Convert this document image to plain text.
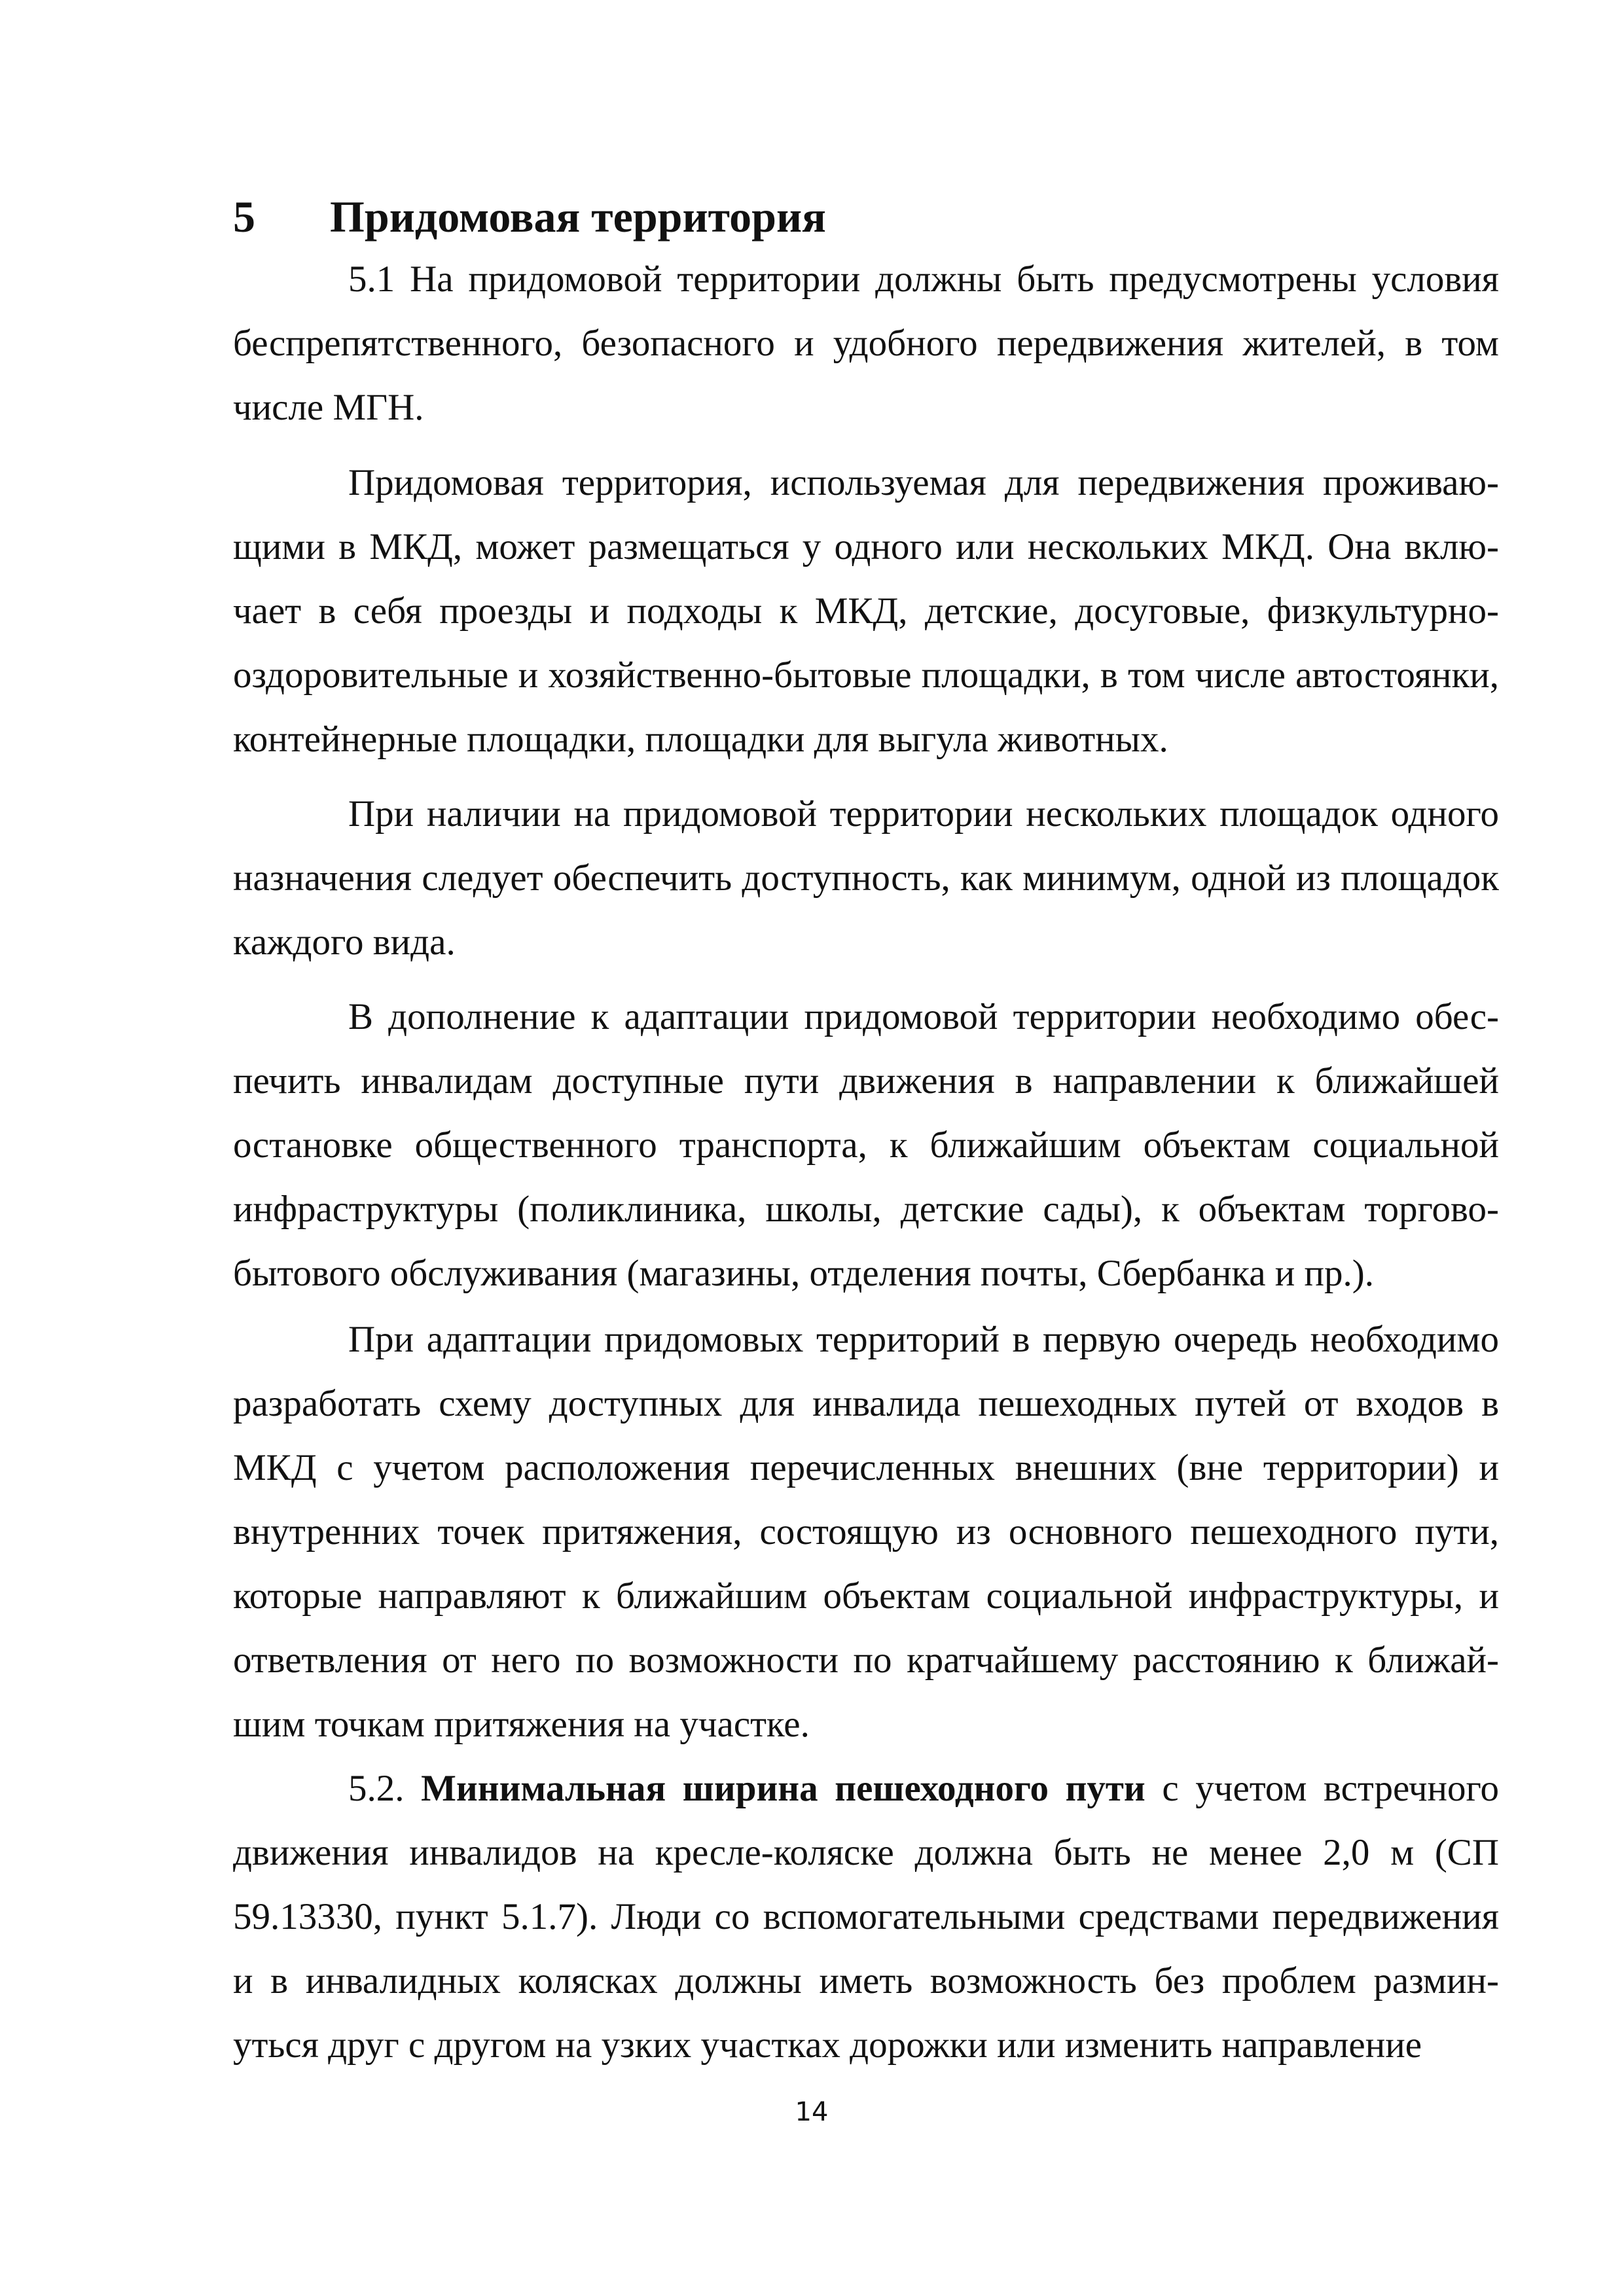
5 Придомовая территория

5.1 На придомовой территории должны быть предусмотрены условия беспрепятственного, безопасного и удобного передвижения жителей, в том числе МГН.

Придомовая территория, используемая для передвижения проживающими в МКД, может размещаться у одного или нескольких МКД. Она включает в себя проезды и подходы к МКД, детские, досуговые, физкультурно-оздоровительные и хозяйственно-бытовые площадки, в том числе автостоянки, контейнерные площадки, площадки для выгула животных.

При наличии на придомовой территории нескольких площадок одного назначения следует обеспечить доступность, как минимум, одной из площадок каждого вида.

В дополнение к адаптации придомовой территории необходимо обеспечить инвалидам доступные пути движения в направлении к ближайшей остановке общественного транспорта, к ближайшим объектам социальной инфраструктуры (поликлиника, школы, детские сады), к объектам торгово-бытового обслуживания (магазины, отделения почты, Сбербанка и пр.).

При адаптации придомовых территорий в первую очередь необходимо разработать схему доступных для инвалида пешеходных путей от входов в МКД с учетом расположения перечисленных внешних (вне территории) и внутренних точек притяжения, состоящую из основного пешеходного пути, которые направляют к ближайшим объектам социальной инфраструктуры, и ответвления от него по возможности по кратчайшему расстоянию к ближайшим точкам притяжения на участке.

5.2. Минимальная ширина пешеходного пути с учетом встречного движения инвалидов на кресле-коляске должна быть не менее 2,0 м (СП 59.13330, пункт 5.1.7). Люди со вспомогательными средствами передвижения и в инвалидных колясках должны иметь возможность без проблем разминуться друг с другом на узких участках дорожки или изменить направление

14
